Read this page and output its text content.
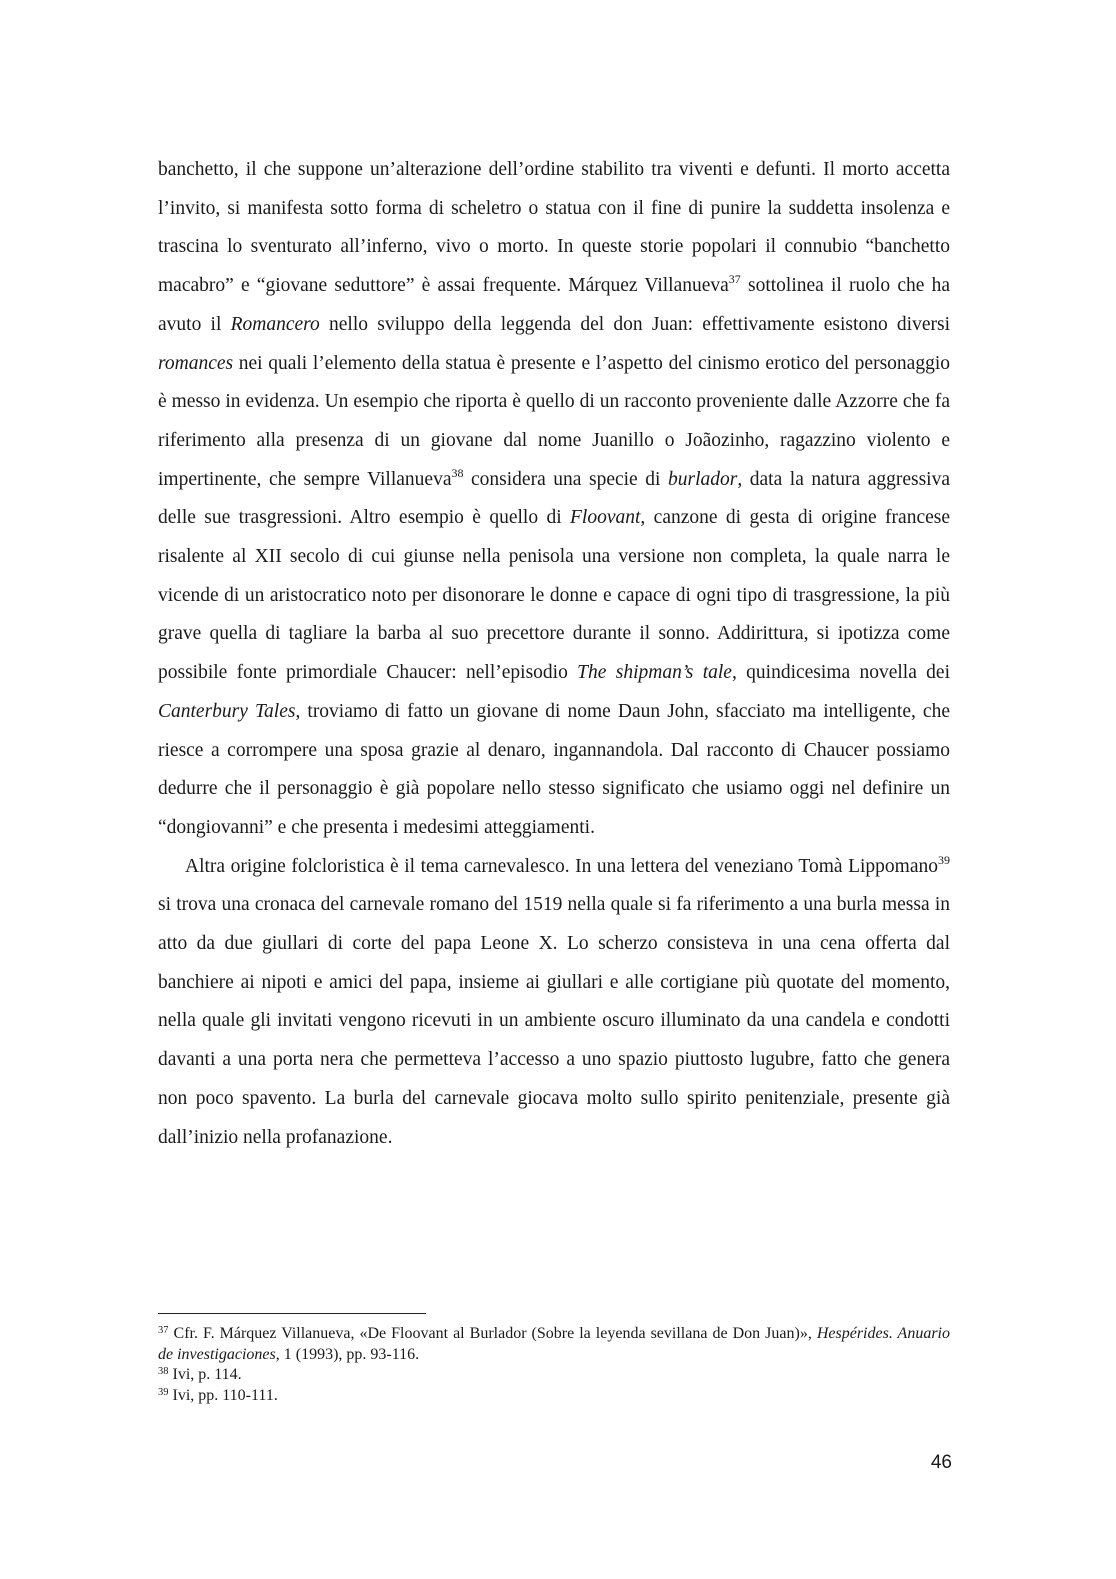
banchetto, il che suppone un’alterazione dell’ordine stabilito tra viventi e defunti. Il morto accetta l’invito, si manifesta sotto forma di scheletro o statua con il fine di punire la suddetta insolenza e trascina lo sventurato all’inferno, vivo o morto. In queste storie popolari il connubio “banchetto macabro” e “giovane seduttore” è assai frequente. Márquez Villanueva$^{37}$ sottolinea il ruolo che ha avuto il Romancero nello sviluppo della leggenda del don Juan: effettivamente esistono diversi romances nei quali l’elemento della statua è presente e l’aspetto del cinismo erotico del personaggio è messo in evidenza. Un esempio che riporta è quello di un racconto proveniente dalle Azzorre che fa riferimento alla presenza di un giovane dal nome Juanillo o Joãozinho, ragazzino violento e impertinente, che sempre Villanueva$^{38}$ considera una specie di burlador, data la natura aggressiva delle sue trasgressioni. Altro esempio è quello di Floovant, canzone di gesta di origine francese risalente al XII secolo di cui giunse nella penisola una versione non completa, la quale narra le vicende di un aristocratico noto per disonorare le donne e capace di ogni tipo di trasgressione, la più grave quella di tagliare la barba al suo precettore durante il sonno. Addirittura, si ipotizza come possibile fonte primordiale Chaucer: nell’episodio The shipman’s tale, quindicesima novella dei Canterbury Tales, troviamo di fatto un giovane di nome Daun John, sfacciato ma intelligente, che riesce a corrompere una sposa grazie al denaro, ingannandola. Dal racconto di Chaucer possiamo dedurre che il personaggio è già popolare nello stesso significato che usiamo oggi nel definire un “dongiovanni” e che presenta i medesimi atteggiamenti.

Altra origine folcloristica è il tema carnevalesco. In una lettera del veneziano Tomà Lippomano$^{39}$ si trova una cronaca del carnevale romano del 1519 nella quale si fa riferimento a una burla messa in atto da due giullari di corte del papa Leone X. Lo scherzo consisteva in una cena offerta dal banchiere ai nipoti e amici del papa, insieme ai giullari e alle cortigiane più quotate del momento, nella quale gli invitati vengono ricevuti in un ambiente oscuro illuminato da una candela e condotti davanti a una porta nera che permetteva l’accesso a uno spazio piuttosto lugubre, fatto che genera non poco spavento. La burla del carnevale giocava molto sullo spirito penitenziale, presente già dall’inizio nella profanazione.

$^{37}$ Cfr. F. Márquez Villanueva, «De Floovant al Burlador (Sobre la leyenda sevillana de Don Juan)», Hespérides. Anuario de investigaciones, 1 (1993), pp. 93-116.

$^{38}$ Ivi, p. 114.

$^{39}$ Ivi, pp. 110-111.

46
